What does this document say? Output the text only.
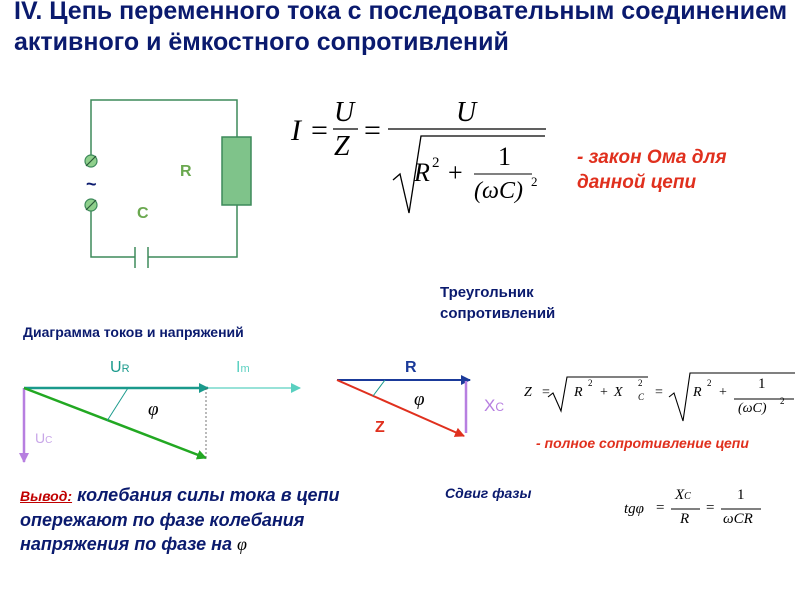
IV. Цепь переменного тока с последовательным соединением активного и ёмкостного сопротивлений
R
C
~
I =
U
Z =
U
R 2 +
1
(ωC) 2
- закон Ома для данной цепи
Диаграмма токов и напряжений
UR	Im
φ
UC
Треугольник сопротивлений
R
φ	XC
Z
Z = R
2
+ X
2
C = R
2
+
1
(ωC) 2
- полное сопротивление цепи
Сдвиг фазы
tgφ =
XC
R
=
1
ωCR
Вывод: колебания силы тока в цепи опережают по фазе колебания напряжения по фазе на φ
